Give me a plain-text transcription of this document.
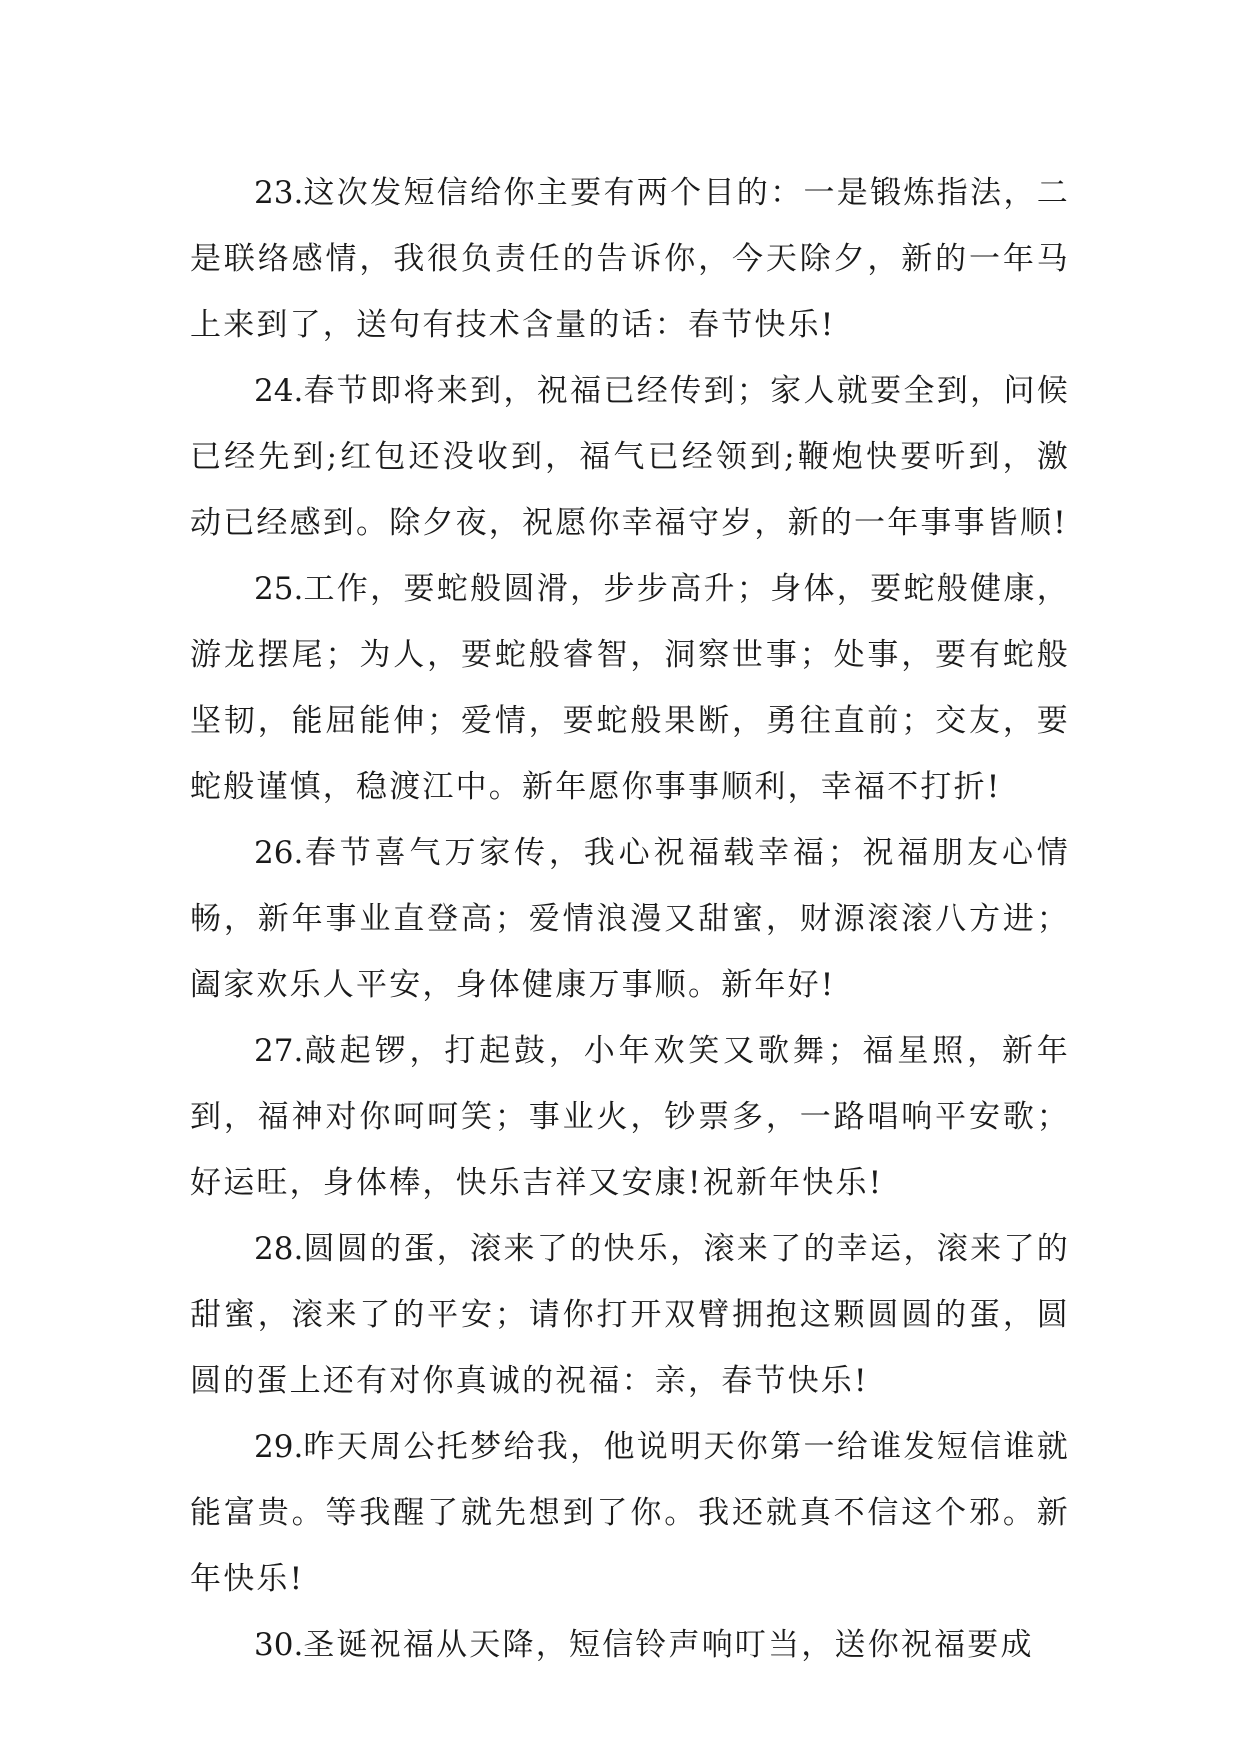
23.这次发短信给你主要有两个目的：一是锻炼指法，二是联络感情，我很负责任的告诉你，今天除夕，新的一年马上来到了，送句有技术含量的话：春节快乐!

24.春节即将来到，祝福已经传到；家人就要全到，问候已经先到;红包还没收到，福气已经领到;鞭炮快要听到，激动已经感到。除夕夜，祝愿你幸福守岁，新的一年事事皆顺!

25.工作，要蛇般圆滑，步步高升；身体，要蛇般健康，游龙摆尾；为人，要蛇般睿智，洞察世事；处事，要有蛇般坚韧，能屈能伸；爱情，要蛇般果断，勇往直前；交友，要蛇般谨慎，稳渡江中。新年愿你事事顺利，幸福不打折!

26.春节喜气万家传，我心祝福载幸福；祝福朋友心情畅，新年事业直登高；爱情浪漫又甜蜜，财源滚滚八方进；阖家欢乐人平安，身体健康万事顺。新年好!

27.敲起锣，打起鼓，小年欢笑又歌舞；福星照，新年到，福神对你呵呵笑；事业火，钞票多，一路唱响平安歌；好运旺，身体棒，快乐吉祥又安康!祝新年快乐!

28.圆圆的蛋，滚来了的快乐，滚来了的幸运，滚来了的甜蜜，滚来了的平安；请你打开双臂拥抱这颗圆圆的蛋，圆圆的蛋上还有对你真诚的祝福：亲，春节快乐!

29.昨天周公托梦给我，他说明天你第一给谁发短信谁就能富贵。等我醒了就先想到了你。我还就真不信这个邪。新年快乐!

30.圣诞祝福从天降，短信铃声响叮当，送你祝福要成
